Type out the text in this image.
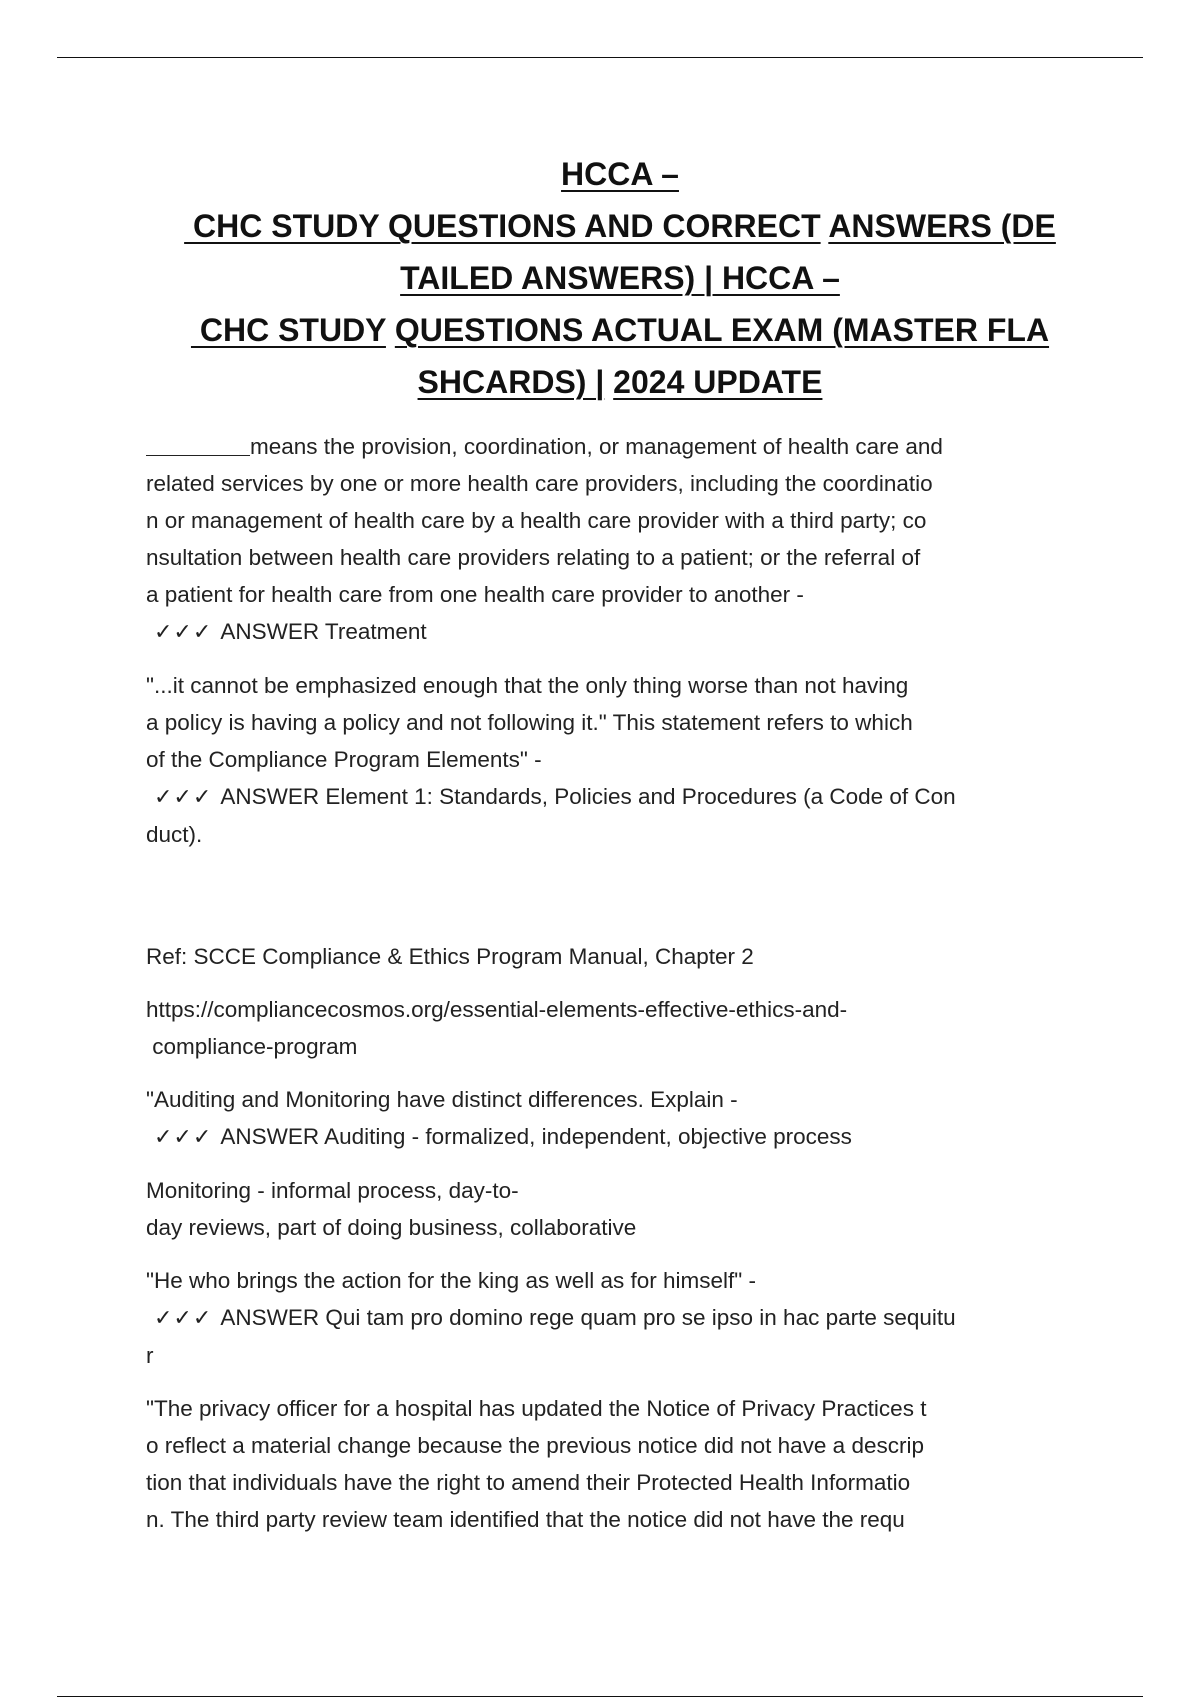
HCCA –
CHC STUDY QUESTIONS AND CORRECT ANSWERS (DE
TAILED ANSWERS) | HCCA –
CHC STUDY QUESTIONS ACTUAL EXAM (MASTER FLA
SHCARDS) | 2024 UPDATE
means the provision, coordination, or management of health care and
related services by one or more health care providers, including the coordinatio
n or management of health care by a health care provider with a third party; co
nsultation between health care providers relating to a patient; or the referral of
a patient for health care from one health care provider to another -
✓✓✓ ANSWER Treatment
"...it cannot be emphasized enough that the only thing worse than not having
a policy is having a policy and not following it." This statement refers to which
of the Compliance Program Elements" -
✓✓✓ ANSWER Element 1: Standards, Policies and Procedures (a Code of Con
duct).
Ref: SCCE Compliance & Ethics Program Manual, Chapter 2
https://compliancecosmos.org/essential-elements-effective-ethics-and-
compliance-program
"Auditing and Monitoring have distinct differences. Explain -
✓✓✓ ANSWER Auditing - formalized, independent, objective process
Monitoring - informal process, day-to-
day reviews, part of doing business, collaborative
"He who brings the action for the king as well as for himself" -
✓✓✓ ANSWER Qui tam pro domino rege quam pro se ipso in hac parte sequitu
r
"The privacy officer for a hospital has updated the Notice of Privacy Practices t
o reflect a material change because the previous notice did not have a descrip
tion that individuals have the right to amend their Protected Health Informatio
n. The third party review team identified that the notice did not have the requ
